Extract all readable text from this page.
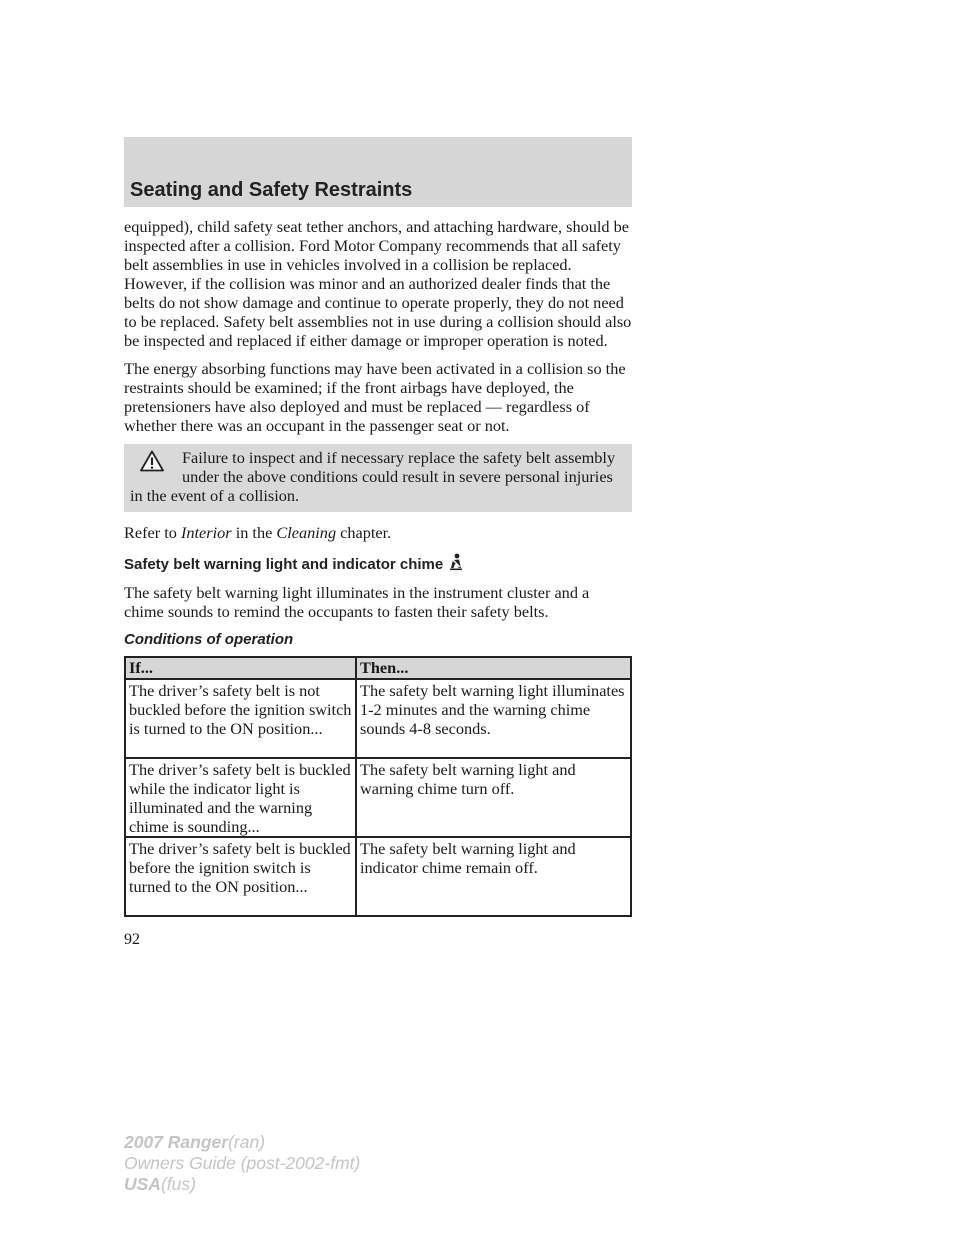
Seating and Safety Restraints

equipped), child safety seat tether anchors, and attaching hardware, should be inspected after a collision. Ford Motor Company recommends that all safety belt assemblies in use in vehicles involved in a collision be replaced. However, if the collision was minor and an authorized dealer finds that the belts do not show damage and continue to operate properly, they do not need to be replaced. Safety belt assemblies not in use during a collision should also be inspected and replaced if either damage or improper operation is noted.

The energy absorbing functions may have been activated in a collision so the restraints should be examined; if the front airbags have deployed, the pretensioners have also deployed and must be replaced — regardless of whether there was an occupant in the passenger seat or not.

Failure to inspect and if necessary replace the safety belt assembly under the above conditions could result in severe personal injuries in the event of a collision.

Refer to Interior in the Cleaning chapter.

Safety belt warning light and indicator chime

The safety belt warning light illuminates in the instrument cluster and a chime sounds to remind the occupants to fasten their safety belts.

Conditions of operation
If...	Then...
The driver’s safety belt is not buckled before the ignition switch is turned to the ON position...	The safety belt warning light illuminates 1-2 minutes and the warning chime sounds 4-8 seconds.
The driver’s safety belt is buckled while the indicator light is illuminated and the warning chime is sounding...	The safety belt warning light and warning chime turn off.
The driver’s safety belt is buckled before the ignition switch is turned to the ON position...	The safety belt warning light and indicator chime remain off.
92
2007 Ranger(ran)
Owners Guide (post-2002-fmt)
USA(fus)
